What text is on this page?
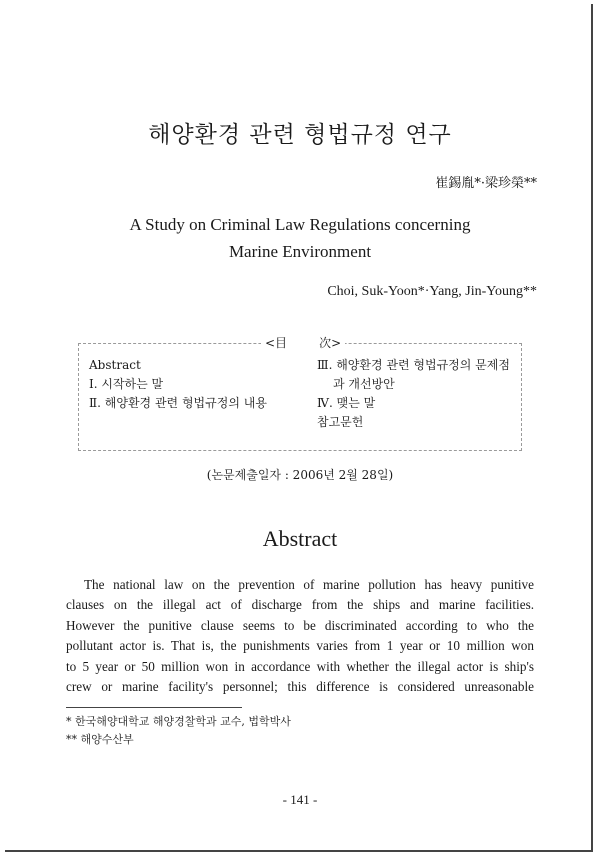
해양환경 관련 형법규정 연구
崔錫胤*·梁珍榮**
A Study on Criminal Law Regulations concerning
Marine Environment
Choi, Suk-Yoon*·Yang, Jin-Young**
<目	次>
Abstract
Ⅰ. 시작하는 말
Ⅱ. 해양환경 관련 형법규정의 내용
Ⅲ. 해양환경 관련 형법규정의 문제점
과 개선방안
Ⅳ. 맺는 말
참고문헌
(논문제출일자 : 2006년 2월 28일)
Abstract
The national law on the prevention of marine pollution has heavy punitive
clauses on the illegal act of discharge from the ships and marine facilities.
However the punitive clause seems to be discriminated according to who the
pollutant actor is. That is, the punishments varies from 1 year or 10 million won
to 5 year or 50 million won in accordance with whether the illegal actor is ship's
crew or marine facility's personnel; this difference is considered unreasonable
* 한국해양대학교 해양경찰학과 교수, 법학박사
** 해양수산부
- 141 -
